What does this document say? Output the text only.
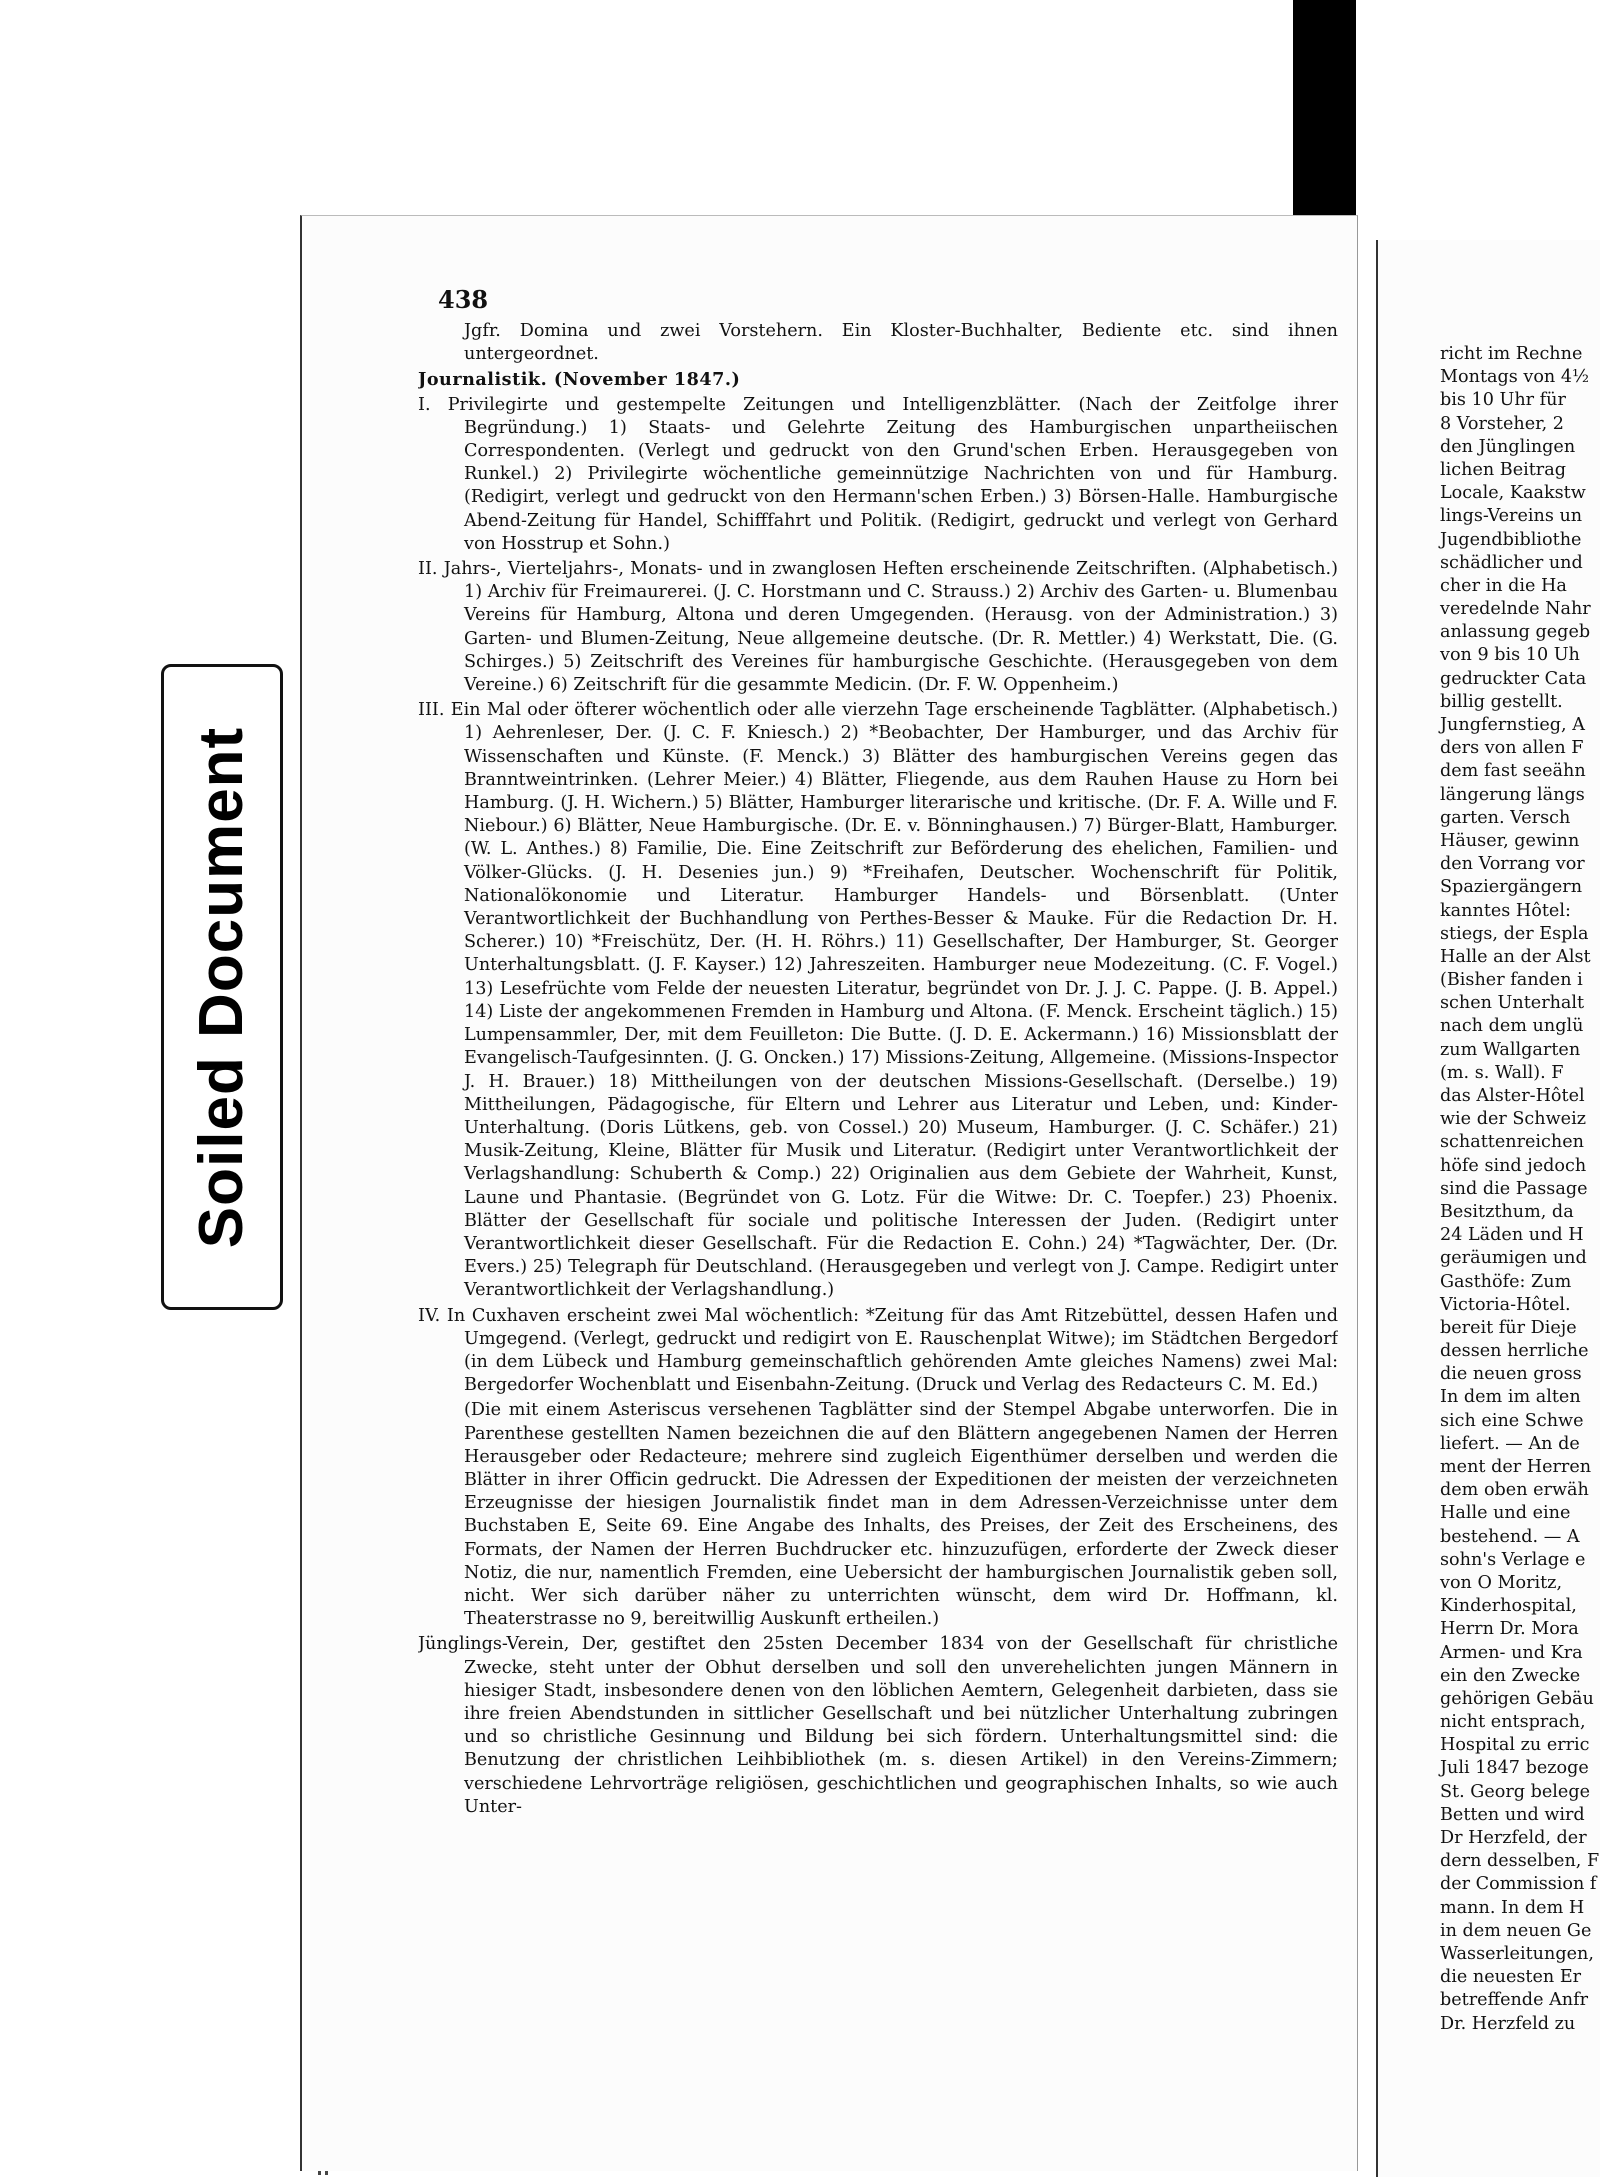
Soiled Document
438

Jgfr. Domina und zwei Vorstehern. Ein Kloster-Buchhalter, Bediente etc. sind ihnen untergeordnet.

Journalistik. (November 1847.)

I. Privilegirte und gestempelte Zeitungen und Intelligenzblätter. (Nach der Zeitfolge ihrer Begründung.) 1) Staats- und Gelehrte Zeitung des Hamburgischen unpartheiischen Correspondenten. (Verlegt und gedruckt von den Grund'schen Erben. Herausgegeben von Runkel.) 2) Privilegirte wöchentliche gemeinnützige Nachrichten von und für Hamburg. (Redigirt, verlegt und gedruckt von den Hermann'schen Erben.) 3) Börsen-Halle. Hamburgische Abend-Zeitung für Handel, Schifffahrt und Politik. (Redigirt, gedruckt und verlegt von Gerhard von Hosstrup et Sohn.)

II. Jahrs-, Vierteljahrs-, Monats- und in zwanglosen Heften erscheinende Zeitschriften. (Alphabetisch.) 1) Archiv für Freimaurerei. (J. C. Horstmann und C. Strauss.) 2) Archiv des Garten- u. Blumenbau Vereins für Hamburg, Altona und deren Umgegenden. (Herausg. von der Administration.) 3) Garten- und Blumen-Zeitung, Neue allgemeine deutsche. (Dr. R. Mettler.) 4) Werkstatt, Die. (G. Schirges.) 5) Zeitschrift des Vereines für hamburgische Geschichte. (Herausgegeben von dem Vereine.) 6) Zeitschrift für die gesammte Medicin. (Dr. F. W. Oppenheim.)

III. Ein Mal oder öfterer wöchentlich oder alle vierzehn Tage erscheinende Tagblätter. (Alphabetisch.) 1) Aehrenleser, Der. (J. C. F. Kniesch.) 2) *Beobachter, Der Hamburger, und das Archiv für Wissenschaften und Künste. (F. Menck.) 3) Blätter des hamburgischen Vereins gegen das Branntweintrinken. (Lehrer Meier.) 4) Blätter, Fliegende, aus dem Rauhen Hause zu Horn bei Hamburg. (J. H. Wichern.) 5) Blätter, Hamburger literarische und kritische. (Dr. F. A. Wille und F. Niebour.) 6) Blätter, Neue Hamburgische. (Dr. E. v. Bönninghausen.) 7) Bürger-Blatt, Hamburger. (W. L. Anthes.) 8) Familie, Die. Eine Zeitschrift zur Beförderung des ehelichen, Familien- und Völker-Glücks. (J. H. Desenies jun.) 9) *Freihafen, Deutscher. Wochenschrift für Politik, Nationalökonomie und Literatur. Hamburger Handels- und Börsenblatt. (Unter Verantwortlichkeit der Buchhandlung von Perthes-Besser & Mauke. Für die Redaction Dr. H. Scherer.) 10) *Freischütz, Der. (H. H. Röhrs.) 11) Gesellschafter, Der Hamburger, St. Georger Unterhaltungsblatt. (J. F. Kayser.) 12) Jahreszeiten. Hamburger neue Modezeitung. (C. F. Vogel.) 13) Lesefrüchte vom Felde der neuesten Literatur, begründet von Dr. J. J. C. Pappe. (J. B. Appel.) 14) Liste der angekommenen Fremden in Hamburg und Altona. (F. Menck. Erscheint täglich.) 15) Lumpensammler, Der, mit dem Feuilleton: Die Butte. (J. D. E. Ackermann.) 16) Missionsblatt der Evangelisch-Taufgesinnten. (J. G. Oncken.) 17) Missions-Zeitung, Allgemeine. (Missions-Inspector J. H. Brauer.) 18) Mittheilungen von der deutschen Missions-Gesellschaft. (Derselbe.) 19) Mittheilungen, Pädagogische, für Eltern und Lehrer aus Literatur und Leben, und: Kinder-Unterhaltung. (Doris Lütkens, geb. von Cossel.) 20) Museum, Hamburger. (J. C. Schäfer.) 21) Musik-Zeitung, Kleine, Blätter für Musik und Literatur. (Redigirt unter Verantwortlichkeit der Verlagshandlung: Schuberth & Comp.) 22) Originalien aus dem Gebiete der Wahrheit, Kunst, Laune und Phantasie. (Begründet von G. Lotz. Für die Witwe: Dr. C. Toepfer.) 23) Phoenix. Blätter der Gesellschaft für sociale und politische Interessen der Juden. (Redigirt unter Verantwortlichkeit dieser Gesellschaft. Für die Redaction E. Cohn.) 24) *Tagwächter, Der. (Dr. Evers.) 25) Telegraph für Deutschland. (Herausgegeben und verlegt von J. Campe. Redigirt unter Verantwortlichkeit der Verlagshandlung.)

IV. In Cuxhaven erscheint zwei Mal wöchentlich: *Zeitung für das Amt Ritzebüttel, dessen Hafen und Umgegend. (Verlegt, gedruckt und redigirt von E. Rauschenplat Witwe); im Städtchen Bergedorf (in dem Lübeck und Hamburg gemeinschaftlich gehörenden Amte gleiches Namens) zwei Mal: Bergedorfer Wochenblatt und Eisenbahn-Zeitung. (Druck und Verlag des Redacteurs C. M. Ed.)

(Die mit einem Asteriscus versehenen Tagblätter sind der Stempel Abgabe unterworfen. Die in Parenthese gestellten Namen bezeichnen die auf den Blättern angegebenen Namen der Herren Herausgeber oder Redacteure; mehrere sind zugleich Eigenthümer derselben und werden die Blätter in ihrer Officin gedruckt. Die Adressen der Expeditionen der meisten der verzeichneten Erzeugnisse der hiesigen Journalistik findet man in dem Adressen-Verzeichnisse unter dem Buchstaben E, Seite 69. Eine Angabe des Inhalts, des Preises, der Zeit des Erscheinens, des Formats, der Namen der Herren Buchdrucker etc. hinzuzufügen, erforderte der Zweck dieser Notiz, die nur, namentlich Fremden, eine Uebersicht der hamburgischen Journalistik geben soll, nicht. Wer sich darüber näher zu unterrichten wünscht, dem wird Dr. Hoffmann, kl. Theaterstrasse no 9, bereitwillig Auskunft ertheilen.)

Jünglings-Verein, Der, gestiftet den 25sten December 1834 von der Gesellschaft für christliche Zwecke, steht unter der Obhut derselben und soll den unverehelichten jungen Männern in hiesiger Stadt, insbesondere denen von den löblichen Aemtern, Gelegenheit darbieten, dass sie ihre freien Abendstunden in sittlicher Gesellschaft und bei nützlicher Unterhaltung zubringen und so christliche Gesinnung und Bildung bei sich fördern. Unterhaltungsmittel sind: die Benutzung der christlichen Leihbibliothek (m. s. diesen Artikel) in den Vereins-Zimmern; verschiedene Lehrvorträge religiösen, geschichtlichen und geographischen Inhalts, so wie auch Unter-

richt im Rechne
Montags von 4½
bis 10 Uhr für
8 Vorsteher, 2
den Jünglingen
lichen Beitrag
Locale, Kaakstw
lings-Vereins un
Jugendbibliothe
schädlicher und
cher in die Ha
veredelnde Nahr
anlassung gegeb
von 9 bis 10 Uh
gedruckter Cata
billig gestellt.
Jungfernstieg, A
ders von allen F
dem fast seeähn
längerung längs
garten. Versch
Häuser, gewinn
den Vorrang vor
Spaziergängern
kanntes Hôtel:
stiegs, der Espla
Halle an der Alst
(Bisher fanden i
schen Unterhalt
nach dem unglü
zum Wallgarten
(m. s. Wall). F
das Alster-Hôtel
wie der Schweiz
schattenreichen
höfe sind jedoch
sind die Passage
Besitzthum, da
24 Läden und H
geräumigen und
Gasthöfe: Zum
Victoria-Hôtel.
bereit für Dieje
dessen herrliche
die neuen gross
In dem im alten
sich eine Schwe
liefert. — An de
ment der Herren
dem oben erwäh
Halle und eine
bestehend. — A
sohn's Verlage e
von O Moritz,
Kinderhospital,
Herrn Dr. Mora
Armen- und Kra
ein den Zwecke
gehörigen Gebäu
nicht entsprach,
Hospital zu erric
Juli 1847 bezoge
St. Georg belege
Betten und wird
Dr Herzfeld, der
dern desselben, F
der Commission f
mann. In dem H
in dem neuen Ge
Wasserleitungen,
die neuesten Er
betreffende Anfr
Dr. Herzfeld zu
